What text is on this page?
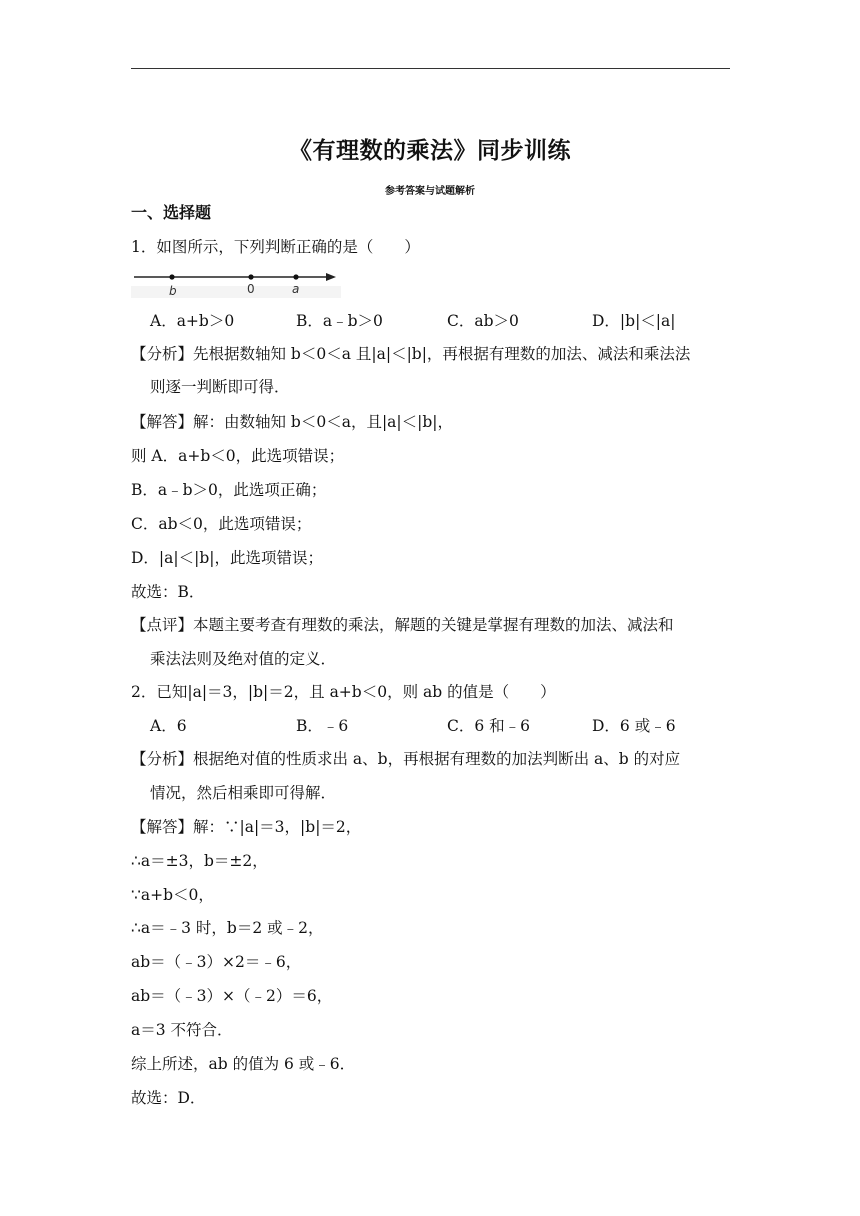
《有理数的乘法》同步训练
参考答案与试题解析
一、选择题
1．如图所示，下列判断正确的是（　　）
b	0	a
A．a+b＞0	B．a﹣b＞0	C．ab＞0	D．|b|＜|a|
【分析】先根据数轴知 b＜0＜a 且|a|＜|b|，再根据有理数的加法、减法和乘法法
则逐一判断即可得．
【解答】解：由数轴知 b＜0＜a，且|a|＜|b|，
则 A．a+b＜0，此选项错误；
B．a﹣b＞0，此选项正确；
C．ab＜0，此选项错误；
D．|a|＜|b|，此选项错误；
故选：B．
【点评】本题主要考查有理数的乘法，解题的关键是掌握有理数的加法、减法和
乘法法则及绝对值的定义．
2．已知|a|＝3，|b|＝2，且 a+b＜0，则 ab 的值是（　　）
A．6	B．﹣6	C．6 和﹣6	D．6 或﹣6
【分析】根据绝对值的性质求出 a、b，再根据有理数的加法判断出 a、b 的对应
情况，然后相乘即可得解．
【解答】解：∵|a|＝3，|b|＝2，
∴a＝±3，b＝±2，
∵a+b＜0，
∴a＝﹣3 时，b＝2 或﹣2，
ab＝（﹣3）×2＝﹣6，
ab＝（﹣3）×（﹣2）＝6，
a＝3 不符合．
综上所述，ab 的值为 6 或﹣6．
故选：D．
